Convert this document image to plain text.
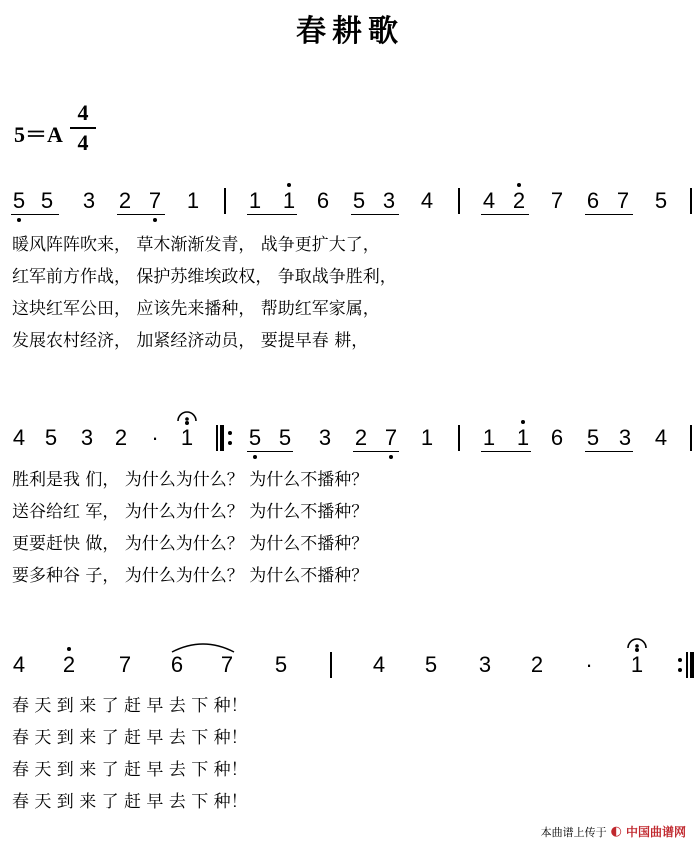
春耕歌
5＝A
4
4
5 5 3 2 7 1 1 1 6 5 3 4 4 2 7 6 7 5
暖风阵阵吹来， 草木渐渐发青， 战争更扩大了，
红军前方作战， 保护苏维埃政权， 争取战争胜利，
这块红军公田， 应该先来播种， 帮助红军家属，
发展农村经济， 加紧经济动员， 要提早春 耕，
4 5 3 2 · 1	5 5 3 2 7 1 1 1 6 5 3 4
胜利是我 们， 为什么为什么？ 为什么不播种？
送谷给红 军， 为什么为什么？ 为什么不播种？
更要赶快 做， 为什么为什么？ 为什么不播种？
要多种谷 子， 为什么为什么？ 为什么不播种？
4 2 7 6 7 5	4 5 3 2 · 1
春 天 到 来 了 赶 早 去 下 种！
春 天 到 来 了 赶 早 去 下 种！
春 天 到 来 了 赶 早 去 下 种！
春 天 到 来 了 赶 早 去 下 种！
本曲谱上传于 ◐ 中国曲谱网
